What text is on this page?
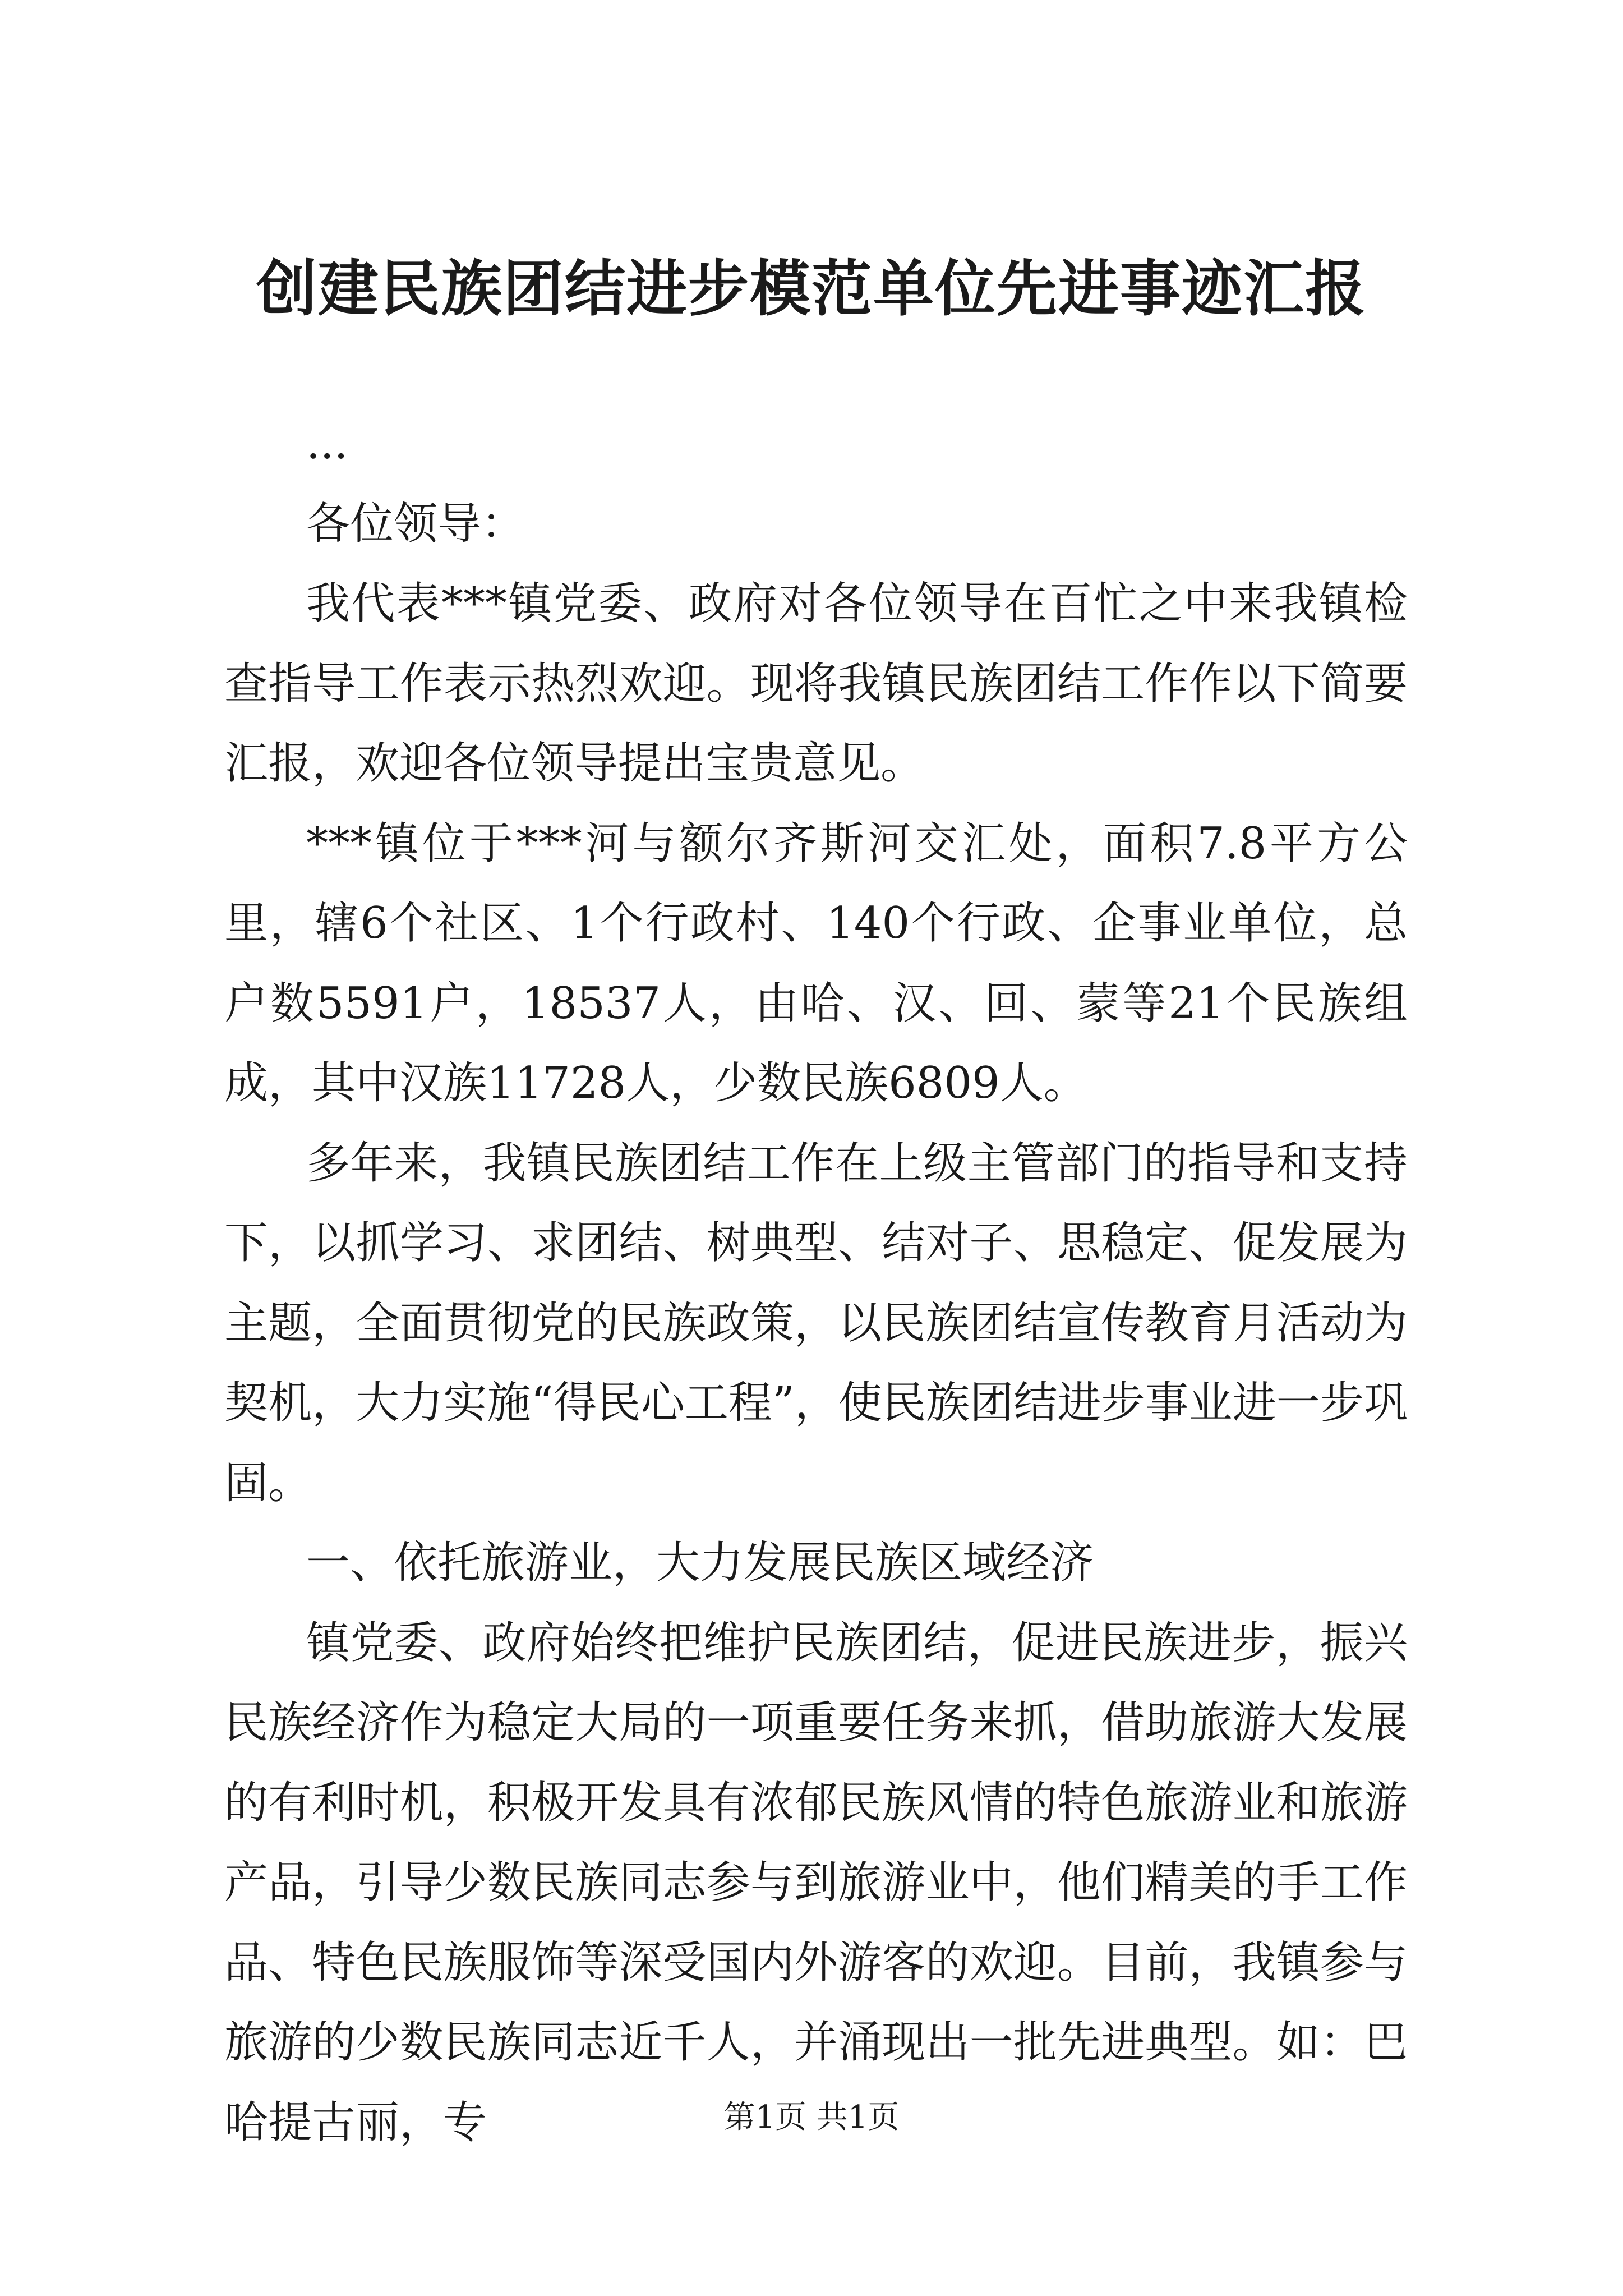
创建民族团结进步模范单位先进事迹汇报

...

各位领导：

我代表***镇党委、政府对各位领导在百忙之中来我镇检查指导工作表示热烈欢迎。现将我镇民族团结工作作以下简要汇报，欢迎各位领导提出宝贵意见。

***镇位于***河与额尔齐斯河交汇处，面积7.8平方公里，辖6个社区、1个行政村、140个行政、企事业单位，总户数5591户，18537人，由哈、汉、回、蒙等21个民族组成，其中汉族11728人，少数民族6809人。

多年来，我镇民族团结工作在上级主管部门的指导和支持下，以抓学习、求团结、树典型、结对子、思稳定、促发展为主题，全面贯彻党的民族政策，以民族团结宣传教育月活动为契机，大力实施“得民心工程”，使民族团结进步事业进一步巩固。

一、依托旅游业，大力发展民族区域经济

镇党委、政府始终把维护民族团结，促进民族进步，振兴民族经济作为稳定大局的一项重要任务来抓，借助旅游大发展的有利时机，积极开发具有浓郁民族风情的特色旅游业和旅游产品，引导少数民族同志参与到旅游业中，他们精美的手工作品、特色民族服饰等深受国内外游客的欢迎。目前，我镇参与旅游的少数民族同志近千人，并涌现出一批先进典型。如：巴哈提古丽，专	第1页 共1页
